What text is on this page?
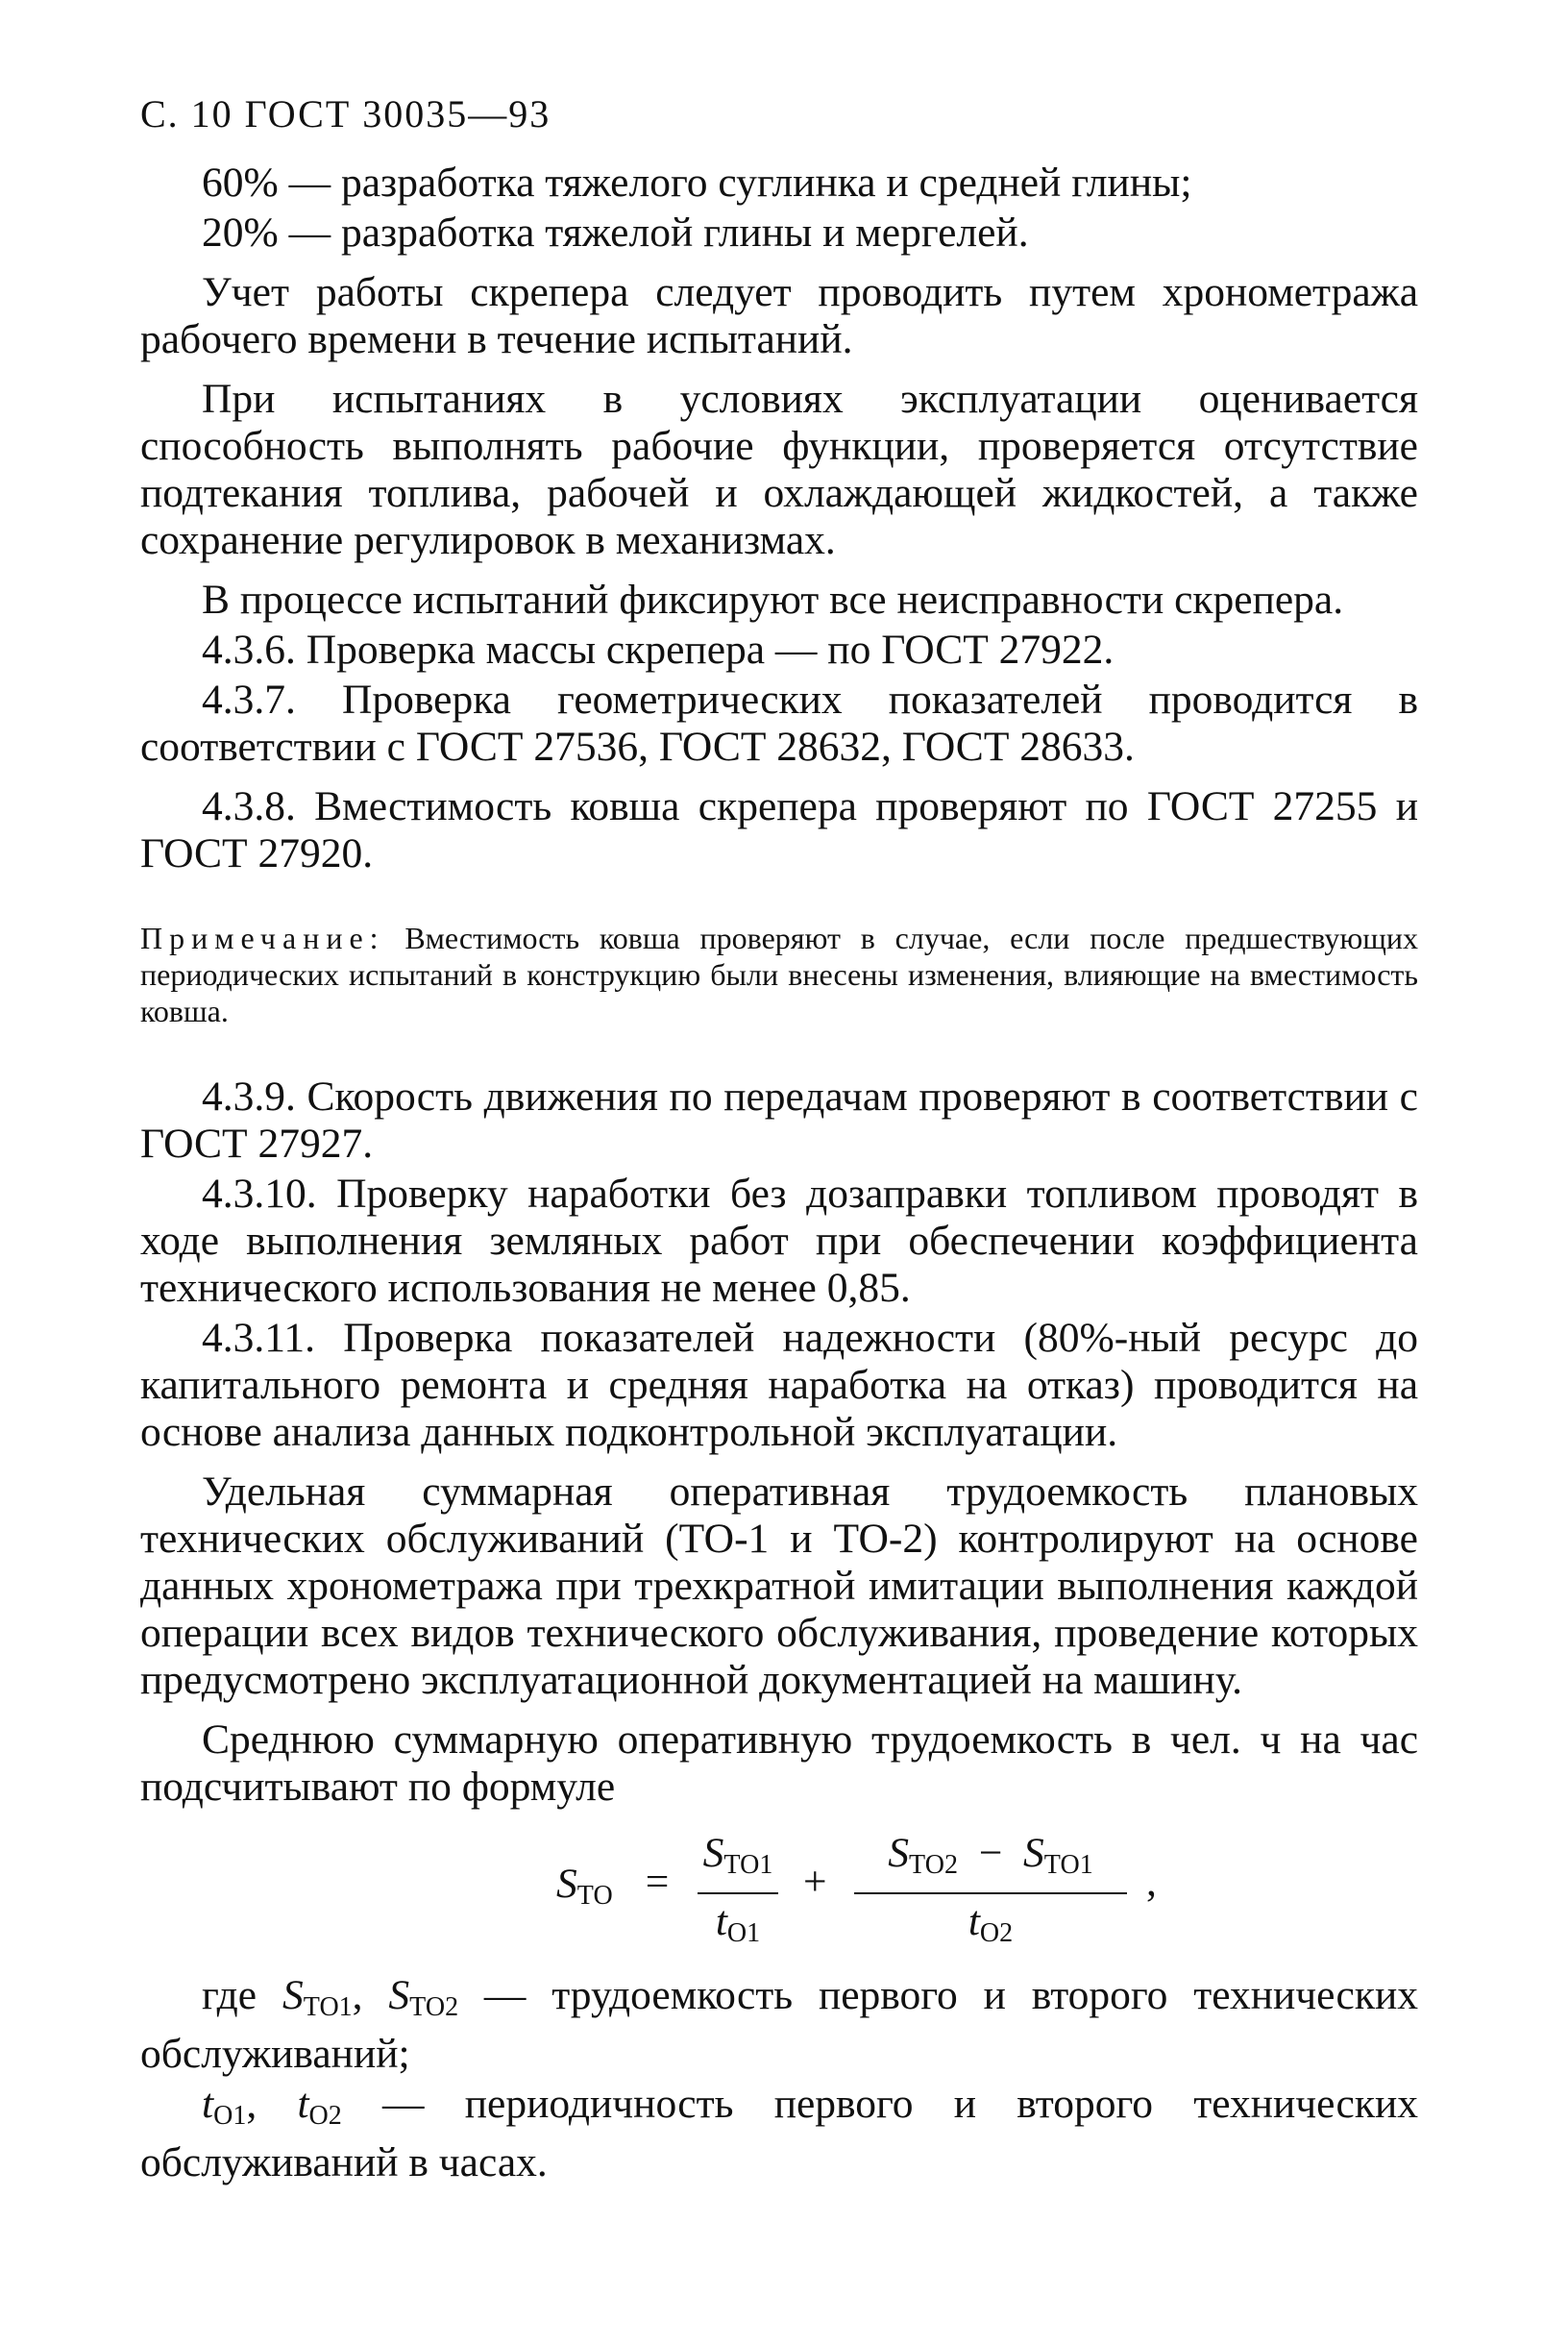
С. 10 ГОСТ 30035—93

60% — разработка тяжелого суглинка и средней глины;

20% — разработка тяжелой глины и мергелей.

Учет работы скрепера следует проводить путем хронометража рабочего времени в течение испытаний.

При испытаниях в условиях эксплуатации оценивается способность выполнять рабочие функции, проверяется отсутствие подтекания топлива, рабочей и охлаждающей жидкостей, а также сохранение регулировок в механизмах.

В процессе испытаний фиксируют все неисправности скрепера.

4.3.6. Проверка массы скрепера — по ГОСТ 27922.

4.3.7. Проверка геометрических показателей проводится в соответствии с ГОСТ 27536, ГОСТ 28632, ГОСТ 28633.

4.3.8. Вместимость ковша скрепера проверяют по ГОСТ 27255 и ГОСТ 27920.

Примечание: Вместимость ковша проверяют в случае, если после предшествующих периодических испытаний в конструкцию были внесены изменения, влияющие на вместимость ковша.

4.3.9. Скорость движения по передачам проверяют в соответствии с ГОСТ 27927.

4.3.10. Проверку наработки без дозаправки топливом проводят в ходе выполнения земляных работ при обеспечении коэффициента технического использования не менее 0,85.

4.3.11. Проверка показателей надежности (80%-ный ресурс до капитального ремонта и средняя наработка на отказ) проводится на основе анализа данных подконтрольной эксплуатации.

Удельная суммарная оперативная трудоемкость плановых технических обслуживаний (ТО-1 и ТО-2) контролируют на основе данных хронометража при трехкратной имитации выполнения каждой операции всех видов технического обслуживания, проведение которых предусмотрено эксплуатационной документацией на машину.

Среднюю суммарную оперативную трудоемкость в чел. ч на час подсчитывают по формуле

$S_{ТО}$ =
$S_{ТО1}$
$t_{О1}$
+
$S_{ТО2} - S_{ТО1}$
$t_{О2}$
,

где $S_{ТО1}$, $S_{ТО2}$ — трудоемкость первого и второго технических обслуживаний;

$t_{О1}$, $t_{О2}$ — периодичность первого и второго технических обслуживаний в часах.
